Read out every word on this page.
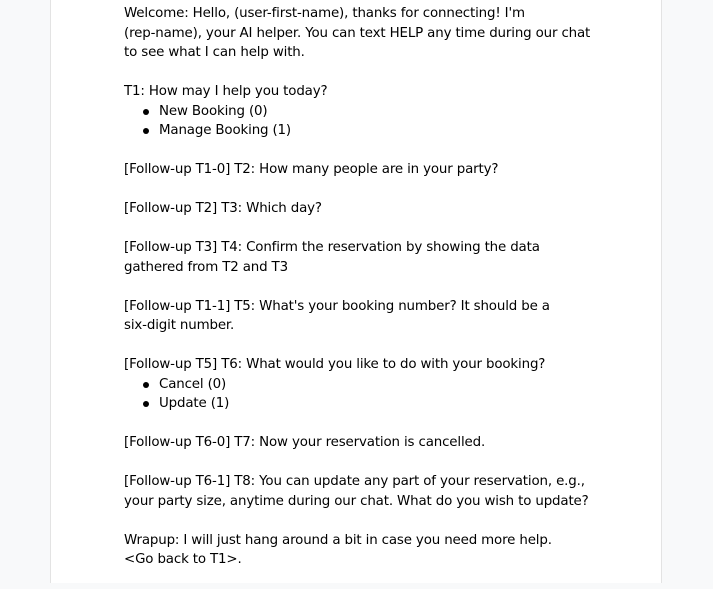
Welcome: Hello, (user-first-name), thanks for connecting! I'm
(rep-name), your AI helper. You can text HELP any time during our chat
to see what I can help with.

T1: How may I help you today?

New Booking (0)
Manage Booking (1)

[Follow-up T1-0] T2: How many people are in your party?

[Follow-up T2] T3: Which day?

[Follow-up T3] T4: Confirm the reservation by showing the data
gathered from T2 and T3

[Follow-up T1-1] T5: What's your booking number? It should be a
six-digit number.

[Follow-up T5] T6: What would you like to do with your booking?

Cancel (0)
Update (1)

[Follow-up T6-0] T7: Now your reservation is cancelled.

[Follow-up T6-1] T8: You can update any part of your reservation, e.g.,
your party size, anytime during our chat. What do you wish to update?

Wrapup: I will just hang around a bit in case you need more help.
<Go back to T1>.
